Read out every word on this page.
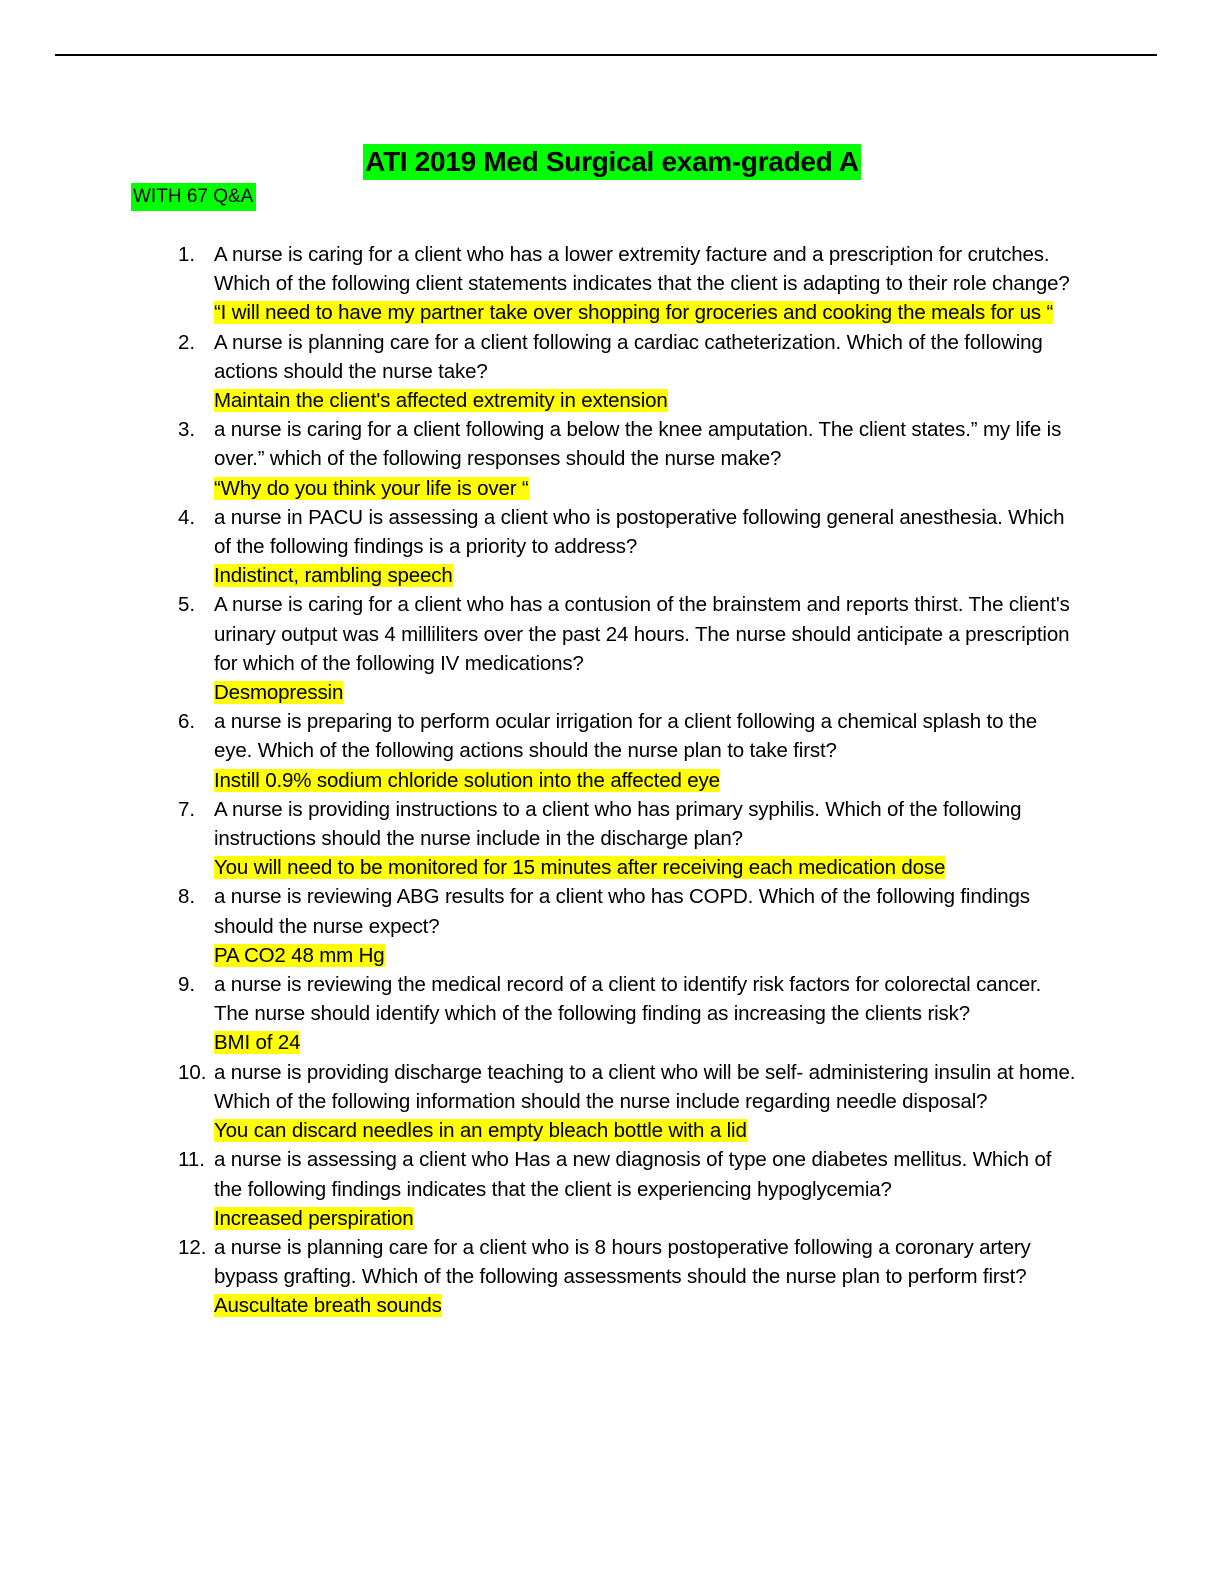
ATI 2019 Med Surgical exam-graded A
WITH 67 Q&A
1. A nurse is caring for a client who has a lower extremity facture and a prescription for crutches. Which of the following client statements indicates that the client is adapting to their role change?
“I will need to have my partner take over shopping for groceries and cooking the meals for us “
2. A nurse is planning care for a client following a cardiac catheterization. Which of the following actions should the nurse take?
Maintain the client's affected extremity in extension
3. a nurse is caring for a client following a below the knee amputation. The client states.” my life is over.” which of the following responses should the nurse make?
“Why do you think your life is over “
4. a nurse in PACU is assessing a client who is postoperative following general anesthesia. Which of the following findings is a priority to address?
Indistinct, rambling speech
5. A nurse is caring for a client who has a contusion of the brainstem and reports thirst. The client's urinary output was 4 milliliters over the past 24 hours. The nurse should anticipate a prescription for which of the following IV medications?
Desmopressin
6. a nurse is preparing to perform ocular irrigation for a client following a chemical splash to the eye. Which of the following actions should the nurse plan to take first?
Instill 0.9% sodium chloride solution into the affected eye
7. A nurse is providing instructions to a client who has primary syphilis. Which of the following instructions should the nurse include in the discharge plan?
You will need to be monitored for 15 minutes after receiving each medication dose
8. a nurse is reviewing ABG results for a client who has COPD. Which of the following findings should the nurse expect?
PA CO2 48 mm Hg
9. a nurse is reviewing the medical record of a client to identify risk factors for colorectal cancer. The nurse should identify which of the following finding as increasing the clients risk?
BMI of 24
10. a nurse is providing discharge teaching to a client who will be self- administering insulin at home. Which of the following information should the nurse include regarding needle disposal?
You can discard needles in an empty bleach bottle with a lid
11. a nurse is assessing a client who Has a new diagnosis of type one diabetes mellitus. Which of the following findings indicates that the client is experiencing hypoglycemia?
Increased perspiration
12. a nurse is planning care for a client who is 8 hours postoperative following a coronary artery bypass grafting. Which of the following assessments should the nurse plan to perform first?
Auscultate breath sounds
